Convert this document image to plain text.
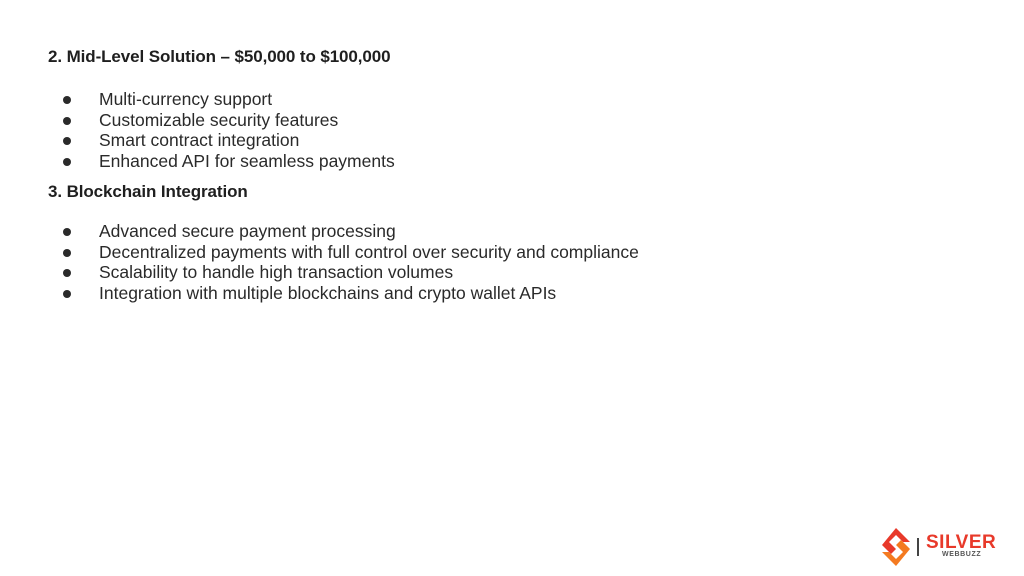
2. Mid-Level Solution – $50,000 to $100,000
Multi-currency support
Customizable security features
Smart contract integration
Enhanced API for seamless payments
3. Blockchain Integration
Advanced secure payment processing
Decentralized payments with full control over security and compliance
Scalability to handle high transaction volumes
Integration with multiple blockchains and crypto wallet APIs
SILVER
WEBBUZZ
